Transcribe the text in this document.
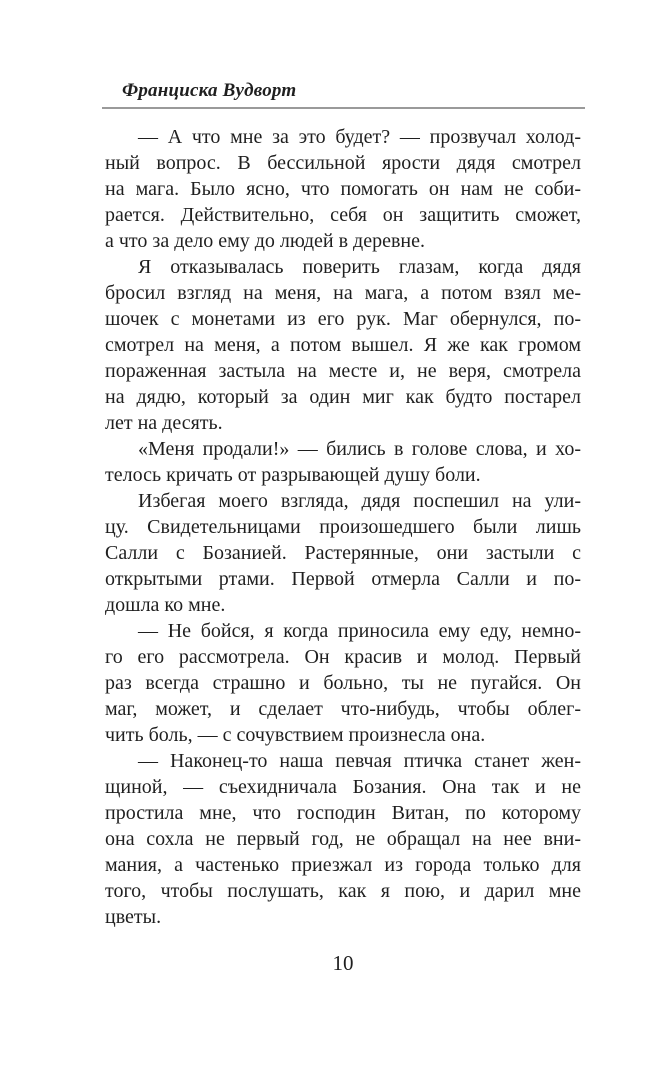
Франциска Вудворт

— А что мне за это будет? — прозвучал холод-
ный вопрос. В бессильной ярости дядя смотрел
на мага. Было ясно, что помогать он нам не соби-
рается. Действительно, себя он защитить сможет,
а что за дело ему до людей в деревне.

Я отказывалась поверить глазам, когда дядя
бросил взгляд на меня, на мага, а потом взял ме-
шочек с монетами из его рук. Маг обернулся, по-
смотрел на меня, а потом вышел. Я же как громом
пораженная застыла на месте и, не веря, смотрела
на дядю, который за один миг как будто постарел
лет на десять.

«Меня продали!» — бились в голове слова, и хо-
телось кричать от разрывающей душу боли.

Избегая моего взгляда, дядя поспешил на ули-
цу. Свидетельницами произошедшего были лишь
Салли с Бозанией. Растерянные, они застыли с
открытыми ртами. Первой отмерла Салли и по-
дошла ко мне.

— Не бойся, я когда приносила ему еду, немно-
го его рассмотрела. Он красив и молод. Первый
раз всегда страшно и больно, ты не пугайся. Он
маг, может, и сделает что-нибудь, чтобы облег-
чить боль, — с сочувствием произнесла она.

— Наконец-то наша певчая птичка станет жен-
щиной, — съехидничала Бозания. Она так и не
простила мне, что господин Витан, по которому
она сохла не первый год, не обращал на нее вни-
мания, а частенько приезжал из города только для
того, чтобы послушать, как я пою, и дарил мне
цветы.

10
